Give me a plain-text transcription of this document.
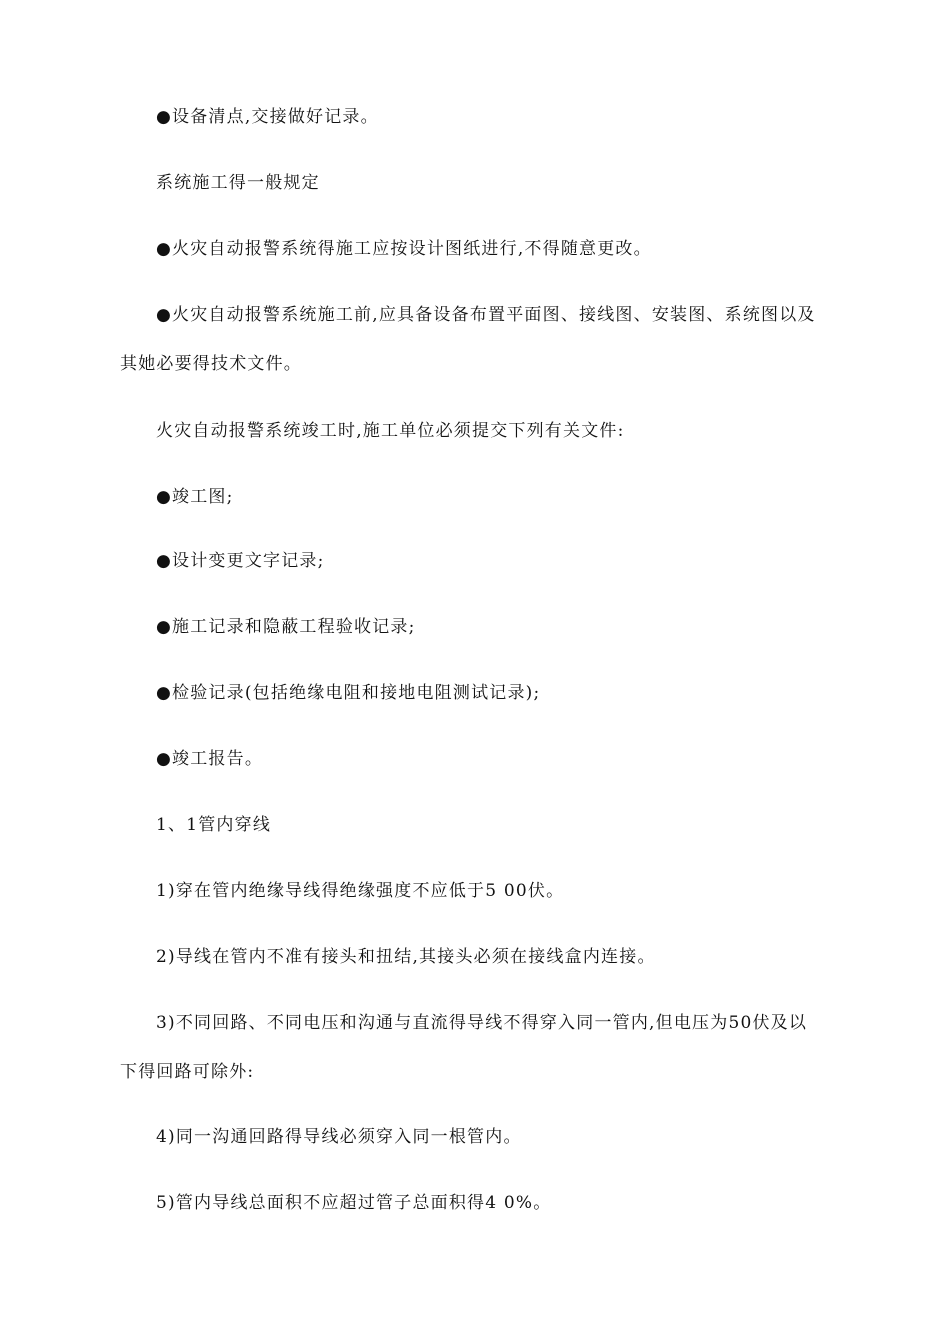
●设备清点,交接做好记录。
系统施工得一般规定
●火灾自动报警系统得施工应按设计图纸进行,不得随意更改。
●火灾自动报警系统施工前,应具备设备布置平面图、接线图、安装图、系统图以及
其她必要得技术文件。
火灾自动报警系统竣工时,施工单位必须提交下列有关文件:
●竣工图;
●设计变更文字记录;
●施工记录和隐蔽工程验收记录;
●检验记录(包括绝缘电阻和接地电阻测试记录);
●竣工报告。
1、1管内穿线
1)穿在管内绝缘导线得绝缘强度不应低于5 00伏。
2)导线在管内不准有接头和扭结,其接头必须在接线盒内连接。
3)不同回路、不同电压和沟通与直流得导线不得穿入同一管内,但电压为50伏及以
下得回路可除外:
4)同一沟通回路得导线必须穿入同一根管内。
5)管内导线总面积不应超过管子总面积得4 0%。
